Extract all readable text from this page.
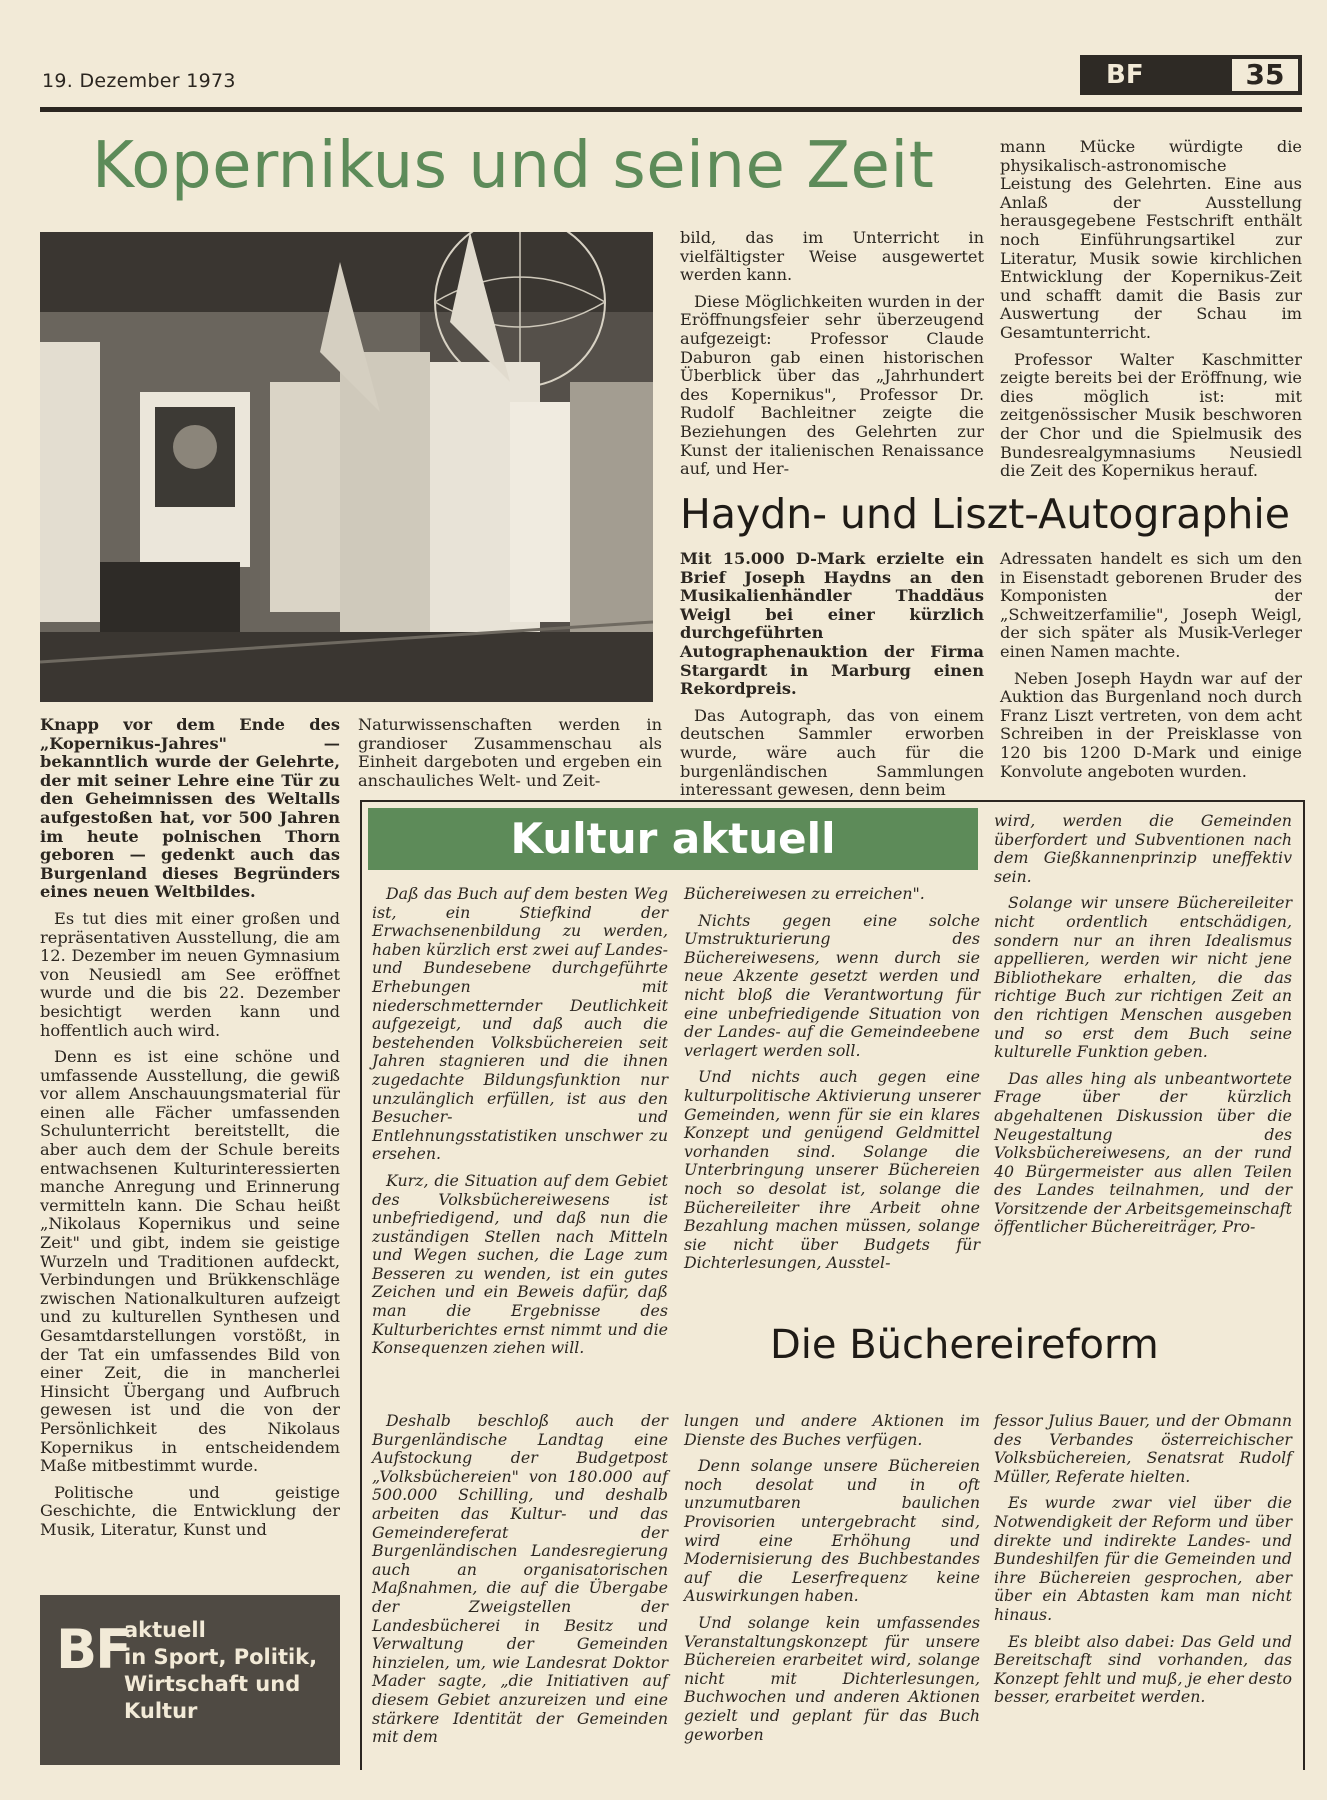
19. Dezember 1973	BF	35
Kopernikus und seine Zeit

Knapp vor dem Ende des „Kopernikus-Jahres" — bekanntlich wurde der Gelehrte, der mit seiner Lehre eine Tür zu den Geheimnissen des Weltalls aufgestoßen hat, vor 500 Jahren im heute polnischen Thorn geboren — gedenkt auch das Burgenland dieses Begründers eines neuen Weltbildes.

Es tut dies mit einer großen und repräsentativen Ausstellung, die am 12. Dezember im neuen Gymnasium von Neusiedl am See eröffnet wurde und die bis 22. Dezember besichtigt werden kann und hoffentlich auch wird.

Denn es ist eine schöne und umfassende Ausstellung, die gewiß vor allem Anschauungsmaterial für einen alle Fächer umfassenden Schulunterricht bereitstellt, die aber auch dem der Schule bereits entwachsenen Kulturinteressierten manche Anregung und Erinnerung vermitteln kann. Die Schau heißt „Nikolaus Kopernikus und seine Zeit" und gibt, indem sie geistige Wurzeln und Traditionen aufdeckt, Verbindungen und Brükkenschläge zwischen Nationalkulturen aufzeigt und zu kulturellen Synthesen und Gesamtdarstellungen vorstößt, in der Tat ein umfassendes Bild von einer Zeit, die in mancherlei Hinsicht Übergang und Aufbruch gewesen ist und die von der Persönlichkeit des Nikolaus Kopernikus in entscheidendem Maße mitbestimmt wurde.

Politische und geistige Geschichte, die Entwicklung der Musik, Literatur, Kunst und

Naturwissenschaften werden in grandioser Zusammenschau als Einheit dargeboten und ergeben ein anschauliches Welt- und Zeit-

bild, das im Unterricht in vielfältigster Weise ausgewertet werden kann.

Diese Möglichkeiten wurden in der Eröffnungsfeier sehr überzeugend aufgezeigt: Professor Claude Daburon gab einen historischen Überblick über das „Jahrhundert des Kopernikus", Professor Dr. Rudolf Bachleitner zeigte die Beziehungen des Gelehrten zur Kunst der italienischen Renaissance auf, und Her-

mann Mücke würdigte die physikalisch-astronomische Leistung des Gelehrten. Eine aus Anlaß der Ausstellung herausgegebene Festschrift enthält noch Einführungsartikel zur Literatur, Musik sowie kirchlichen Entwicklung der Kopernikus-Zeit und schafft damit die Basis zur Auswertung der Schau im Gesamtunterricht.

Professor Walter Kaschmitter zeigte bereits bei der Eröffnung, wie dies möglich ist: mit zeitgenössischer Musik beschworen der Chor und die Spielmusik des Bundesrealgymnasiums Neusiedl die Zeit des Kopernikus herauf.

Haydn- und Liszt-Autographie

Mit 15.000 D-Mark erzielte ein Brief Joseph Haydns an den Musikalienhändler Thaddäus Weigl bei einer kürzlich durchgeführten Autographenauktion der Firma Stargardt in Marburg einen Rekordpreis.

Das Autograph, das von einem deutschen Sammler erworben wurde, wäre auch für die burgenländischen Sammlungen interessant gewesen, denn beim

Adressaten handelt es sich um den in Eisenstadt geborenen Bruder des Komponisten der „Schweitzerfamilie", Joseph Weigl, der sich später als Musik-Verleger einen Namen machte.

Neben Joseph Haydn war auf der Auktion das Burgenland noch durch Franz Liszt vertreten, von dem acht Schreiben in der Preisklasse von 120 bis 1200 D-Mark und einige Konvolute angeboten wurden.

Kultur aktuell

Daß das Buch auf dem besten Weg ist, ein Stiefkind der Erwachsenenbildung zu werden, haben kürzlich erst zwei auf Landes- und Bundesebene durchgeführte Erhebungen mit niederschmetternder Deutlichkeit aufgezeigt, und daß auch die bestehenden Volksbüchereien seit Jahren stagnieren und die ihnen zugedachte Bildungsfunktion nur unzulänglich erfüllen, ist aus den Besucher- und Entlehnungsstatistiken unschwer zu ersehen.

Kurz, die Situation auf dem Gebiet des Volksbüchereiwesens ist unbefriedigend, und daß nun die zuständigen Stellen nach Mitteln und Wegen suchen, die Lage zum Besseren zu wenden, ist ein gutes Zeichen und ein Beweis dafür, daß man die Ergebnisse des Kulturberichtes ernst nimmt und die Konsequenzen ziehen will.

Büchereiwesen zu erreichen".

Nichts gegen eine solche Umstrukturierung des Büchereiwesens, wenn durch sie neue Akzente gesetzt werden und nicht bloß die Verantwortung für eine unbefriedigende Situation von der Landes- auf die Gemeindeebene verlagert werden soll.

Und nichts auch gegen eine kulturpolitische Aktivierung unserer Gemeinden, wenn für sie ein klares Konzept und genügend Geldmittel vorhanden sind. Solange die Unterbringung unserer Büchereien noch so desolat ist, solange die Büchereileiter ihre Arbeit ohne Bezahlung machen müssen, solange sie nicht über Budgets für Dichterlesungen, Ausstel-

wird, werden die Gemeinden überfordert und Subventionen nach dem Gießkannenprinzip uneffektiv sein.

Solange wir unsere Büchereileiter nicht ordentlich entschädigen, sondern nur an ihren Idealismus appellieren, werden wir nicht jene Bibliothekare erhalten, die das richtige Buch zur richtigen Zeit an den richtigen Menschen ausgeben und so erst dem Buch seine kulturelle Funktion geben.

Das alles hing als unbeantwortete Frage über der kürzlich abgehaltenen Diskussion über die Neugestaltung des Volksbüchereiwesens, an der rund 40 Bürgermeister aus allen Teilen des Landes teilnahmen, und der Vorsitzende der Arbeitsgemeinschaft öffentlicher Büchereiträger, Pro-

Die Büchereireform

Deshalb beschloß auch der Burgenländische Landtag eine Aufstockung der Budgetpost „Volksbüchereien" von 180.000 auf 500.000 Schilling, und deshalb arbeiten das Kultur- und das Gemeindereferat der Burgenländischen Landesregierung auch an organisatorischen Maßnahmen, die auf die Übergabe der Zweigstellen der Landesbücherei in Besitz und Verwaltung der Gemeinden hinzielen, um, wie Landesrat Doktor Mader sagte, „die Initiativen auf diesem Gebiet anzureizen und eine stärkere Identität der Gemeinden mit dem

lungen und andere Aktionen im Dienste des Buches verfügen.

Denn solange unsere Büchereien noch desolat und in oft unzumutbaren baulichen Provisorien untergebracht sind, wird eine Erhöhung und Modernisierung des Buchbestandes auf die Leserfrequenz keine Auswirkungen haben.

Und solange kein umfassendes Veranstaltungskonzept für unsere Büchereien erarbeitet wird, solange nicht mit Dichterlesungen, Buchwochen und anderen Aktionen gezielt und geplant für das Buch geworben

fessor Julius Bauer, und der Obmann des Verbandes österreichischer Volksbüchereien, Senatsrat Rudolf Müller, Referate hielten.

Es wurde zwar viel über die Notwendigkeit der Reform und über direkte und indirekte Landes- und Bundeshilfen für die Gemeinden und ihre Büchereien gesprochen, aber über ein Abtasten kam man nicht hinaus.

Es bleibt also dabei: Das Geld und Bereitschaft sind vorhanden, das Konzept fehlt und muß, je eher desto besser, erarbeitet werden.

BF
aktuell
in Sport, Politik,
Wirtschaft und
Kultur
